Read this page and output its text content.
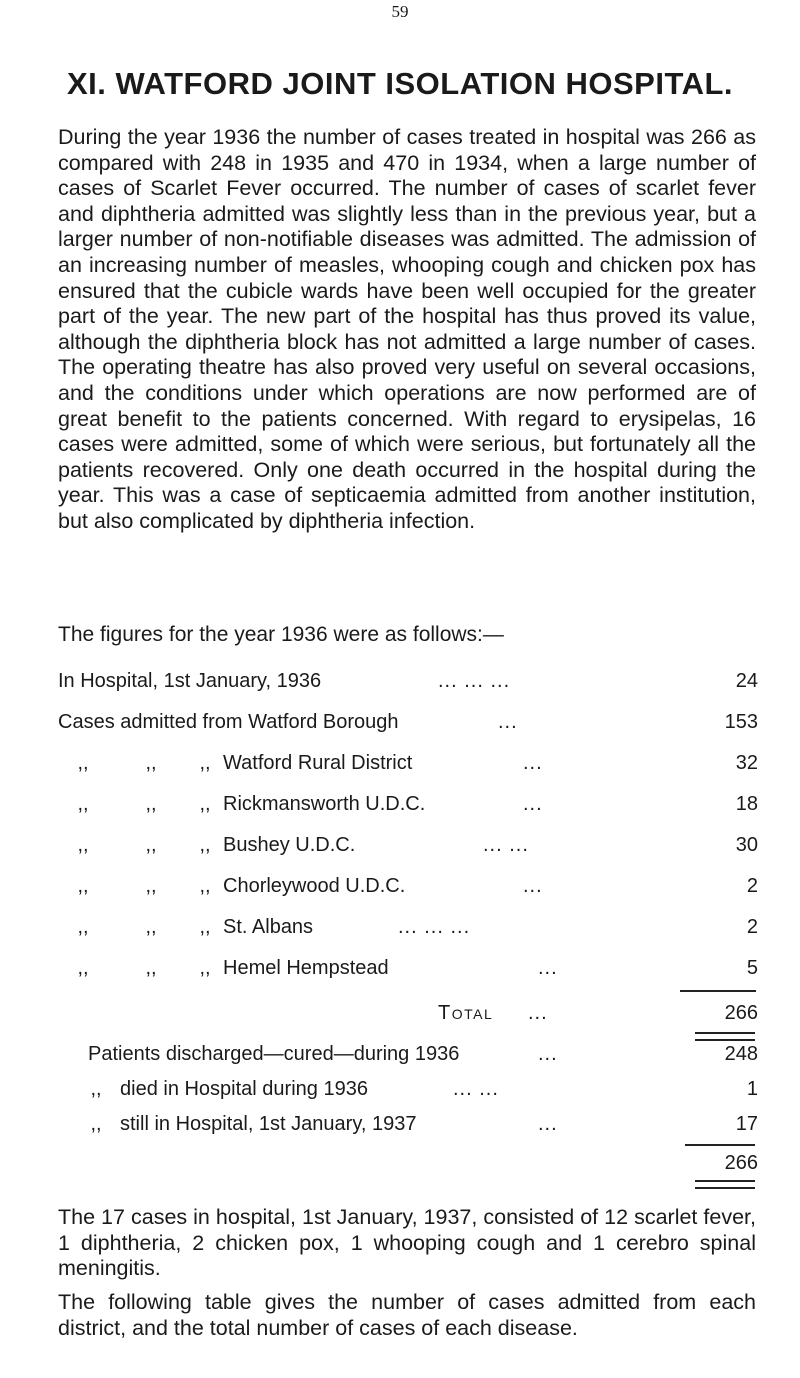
59
XI. WATFORD JOINT ISOLATION HOSPITAL.

During the year 1936 the number of cases treated in hospital was 266 as compared with 248 in 1935 and 470 in 1934, when a large number of cases of Scarlet Fever occurred. The number of cases of scarlet fever and diphtheria admitted was slightly less than in the previous year, but a larger number of non-notifiable diseases was admitted. The admission of an increasing number of measles, whooping cough and chicken pox has ensured that the cubicle wards have been well occupied for the greater part of the year. The new part of the hospital has thus proved its value, although the diphtheria block has not admitted a large number of cases. The operating theatre has also proved very useful on several occasions, and the conditions under which operations are now performed are of great benefit to the patients concerned. With regard to erysipelas, 16 cases were admitted, some of which were serious, but fortunately all the patients recovered. Only one death occurred in the hospital during the year. This was a case of septicaemia admitted from another institution, but also complicated by diphtheria infection.

The figures for the year 1936 were as follows:—
In Hospital, 1st January, 1936	... ... ...	24
Cases admitted from Watford Borough	...	153
,,	,,	,, Watford Rural District	...	32
,,	,,	,, Rickmansworth U.D.C.	...	18
,,	,,	,, Bushey U.D.C.	... ...	30
,,	,,	,, Chorleywood U.D.C.	...	2
,,	,,	,, St. Albans	... ... ...	2
,,	,,	,, Hemel Hempstead	...	5
Total ...	266
Patients discharged—cured—during 1936	...	248
,, died in Hospital during 1936	... ...	1
,, still in Hospital, 1st January, 1937	...	17
266

The 17 cases in hospital, 1st January, 1937, consisted of 12 scarlet fever, 1 diphtheria, 2 chicken pox, 1 whooping cough and 1 cerebro spinal meningitis.

The following table gives the number of cases admitted from each district, and the total number of cases of each disease.
